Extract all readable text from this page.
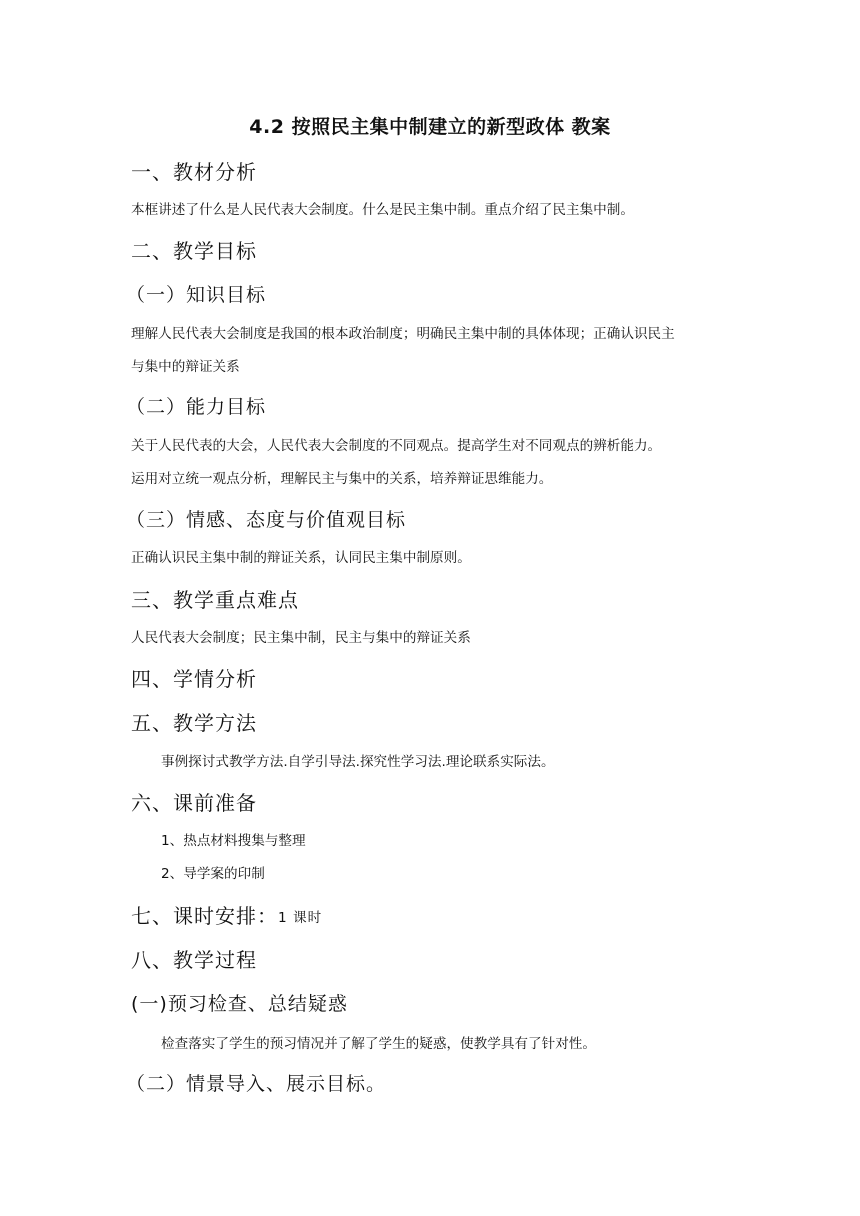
4.2 按照民主集中制建立的新型政体 教案
一、教材分析
本框讲述了什么是人民代表大会制度。什么是民主集中制。重点介绍了民主集中制。
二、教学目标
（一）知识目标
理解人民代表大会制度是我国的根本政治制度；明确民主集中制的具体体现；正确认识民主
与集中的辩证关系
（二）能力目标
关于人民代表的大会，人民代表大会制度的不同观点。提高学生对不同观点的辨析能力。
运用对立统一观点分析，理解民主与集中的关系，培养辩证思维能力。
（三）情感、态度与价值观目标
正确认识民主集中制的辩证关系，认同民主集中制原则。
三、教学重点难点
人民代表大会制度；民主集中制，民主与集中的辩证关系
四、学情分析
五、教学方法
事例探讨式教学方法.自学引导法.探究性学习法.理论联系实际法。
六、课前准备
1、热点材料搜集与整理
2、导学案的印制
七、课时安排：1 课时
八、教学过程
(一)预习检查、总结疑惑
检查落实了学生的预习情况并了解了学生的疑惑，使教学具有了针对性。
（二）情景导入、展示目标。
